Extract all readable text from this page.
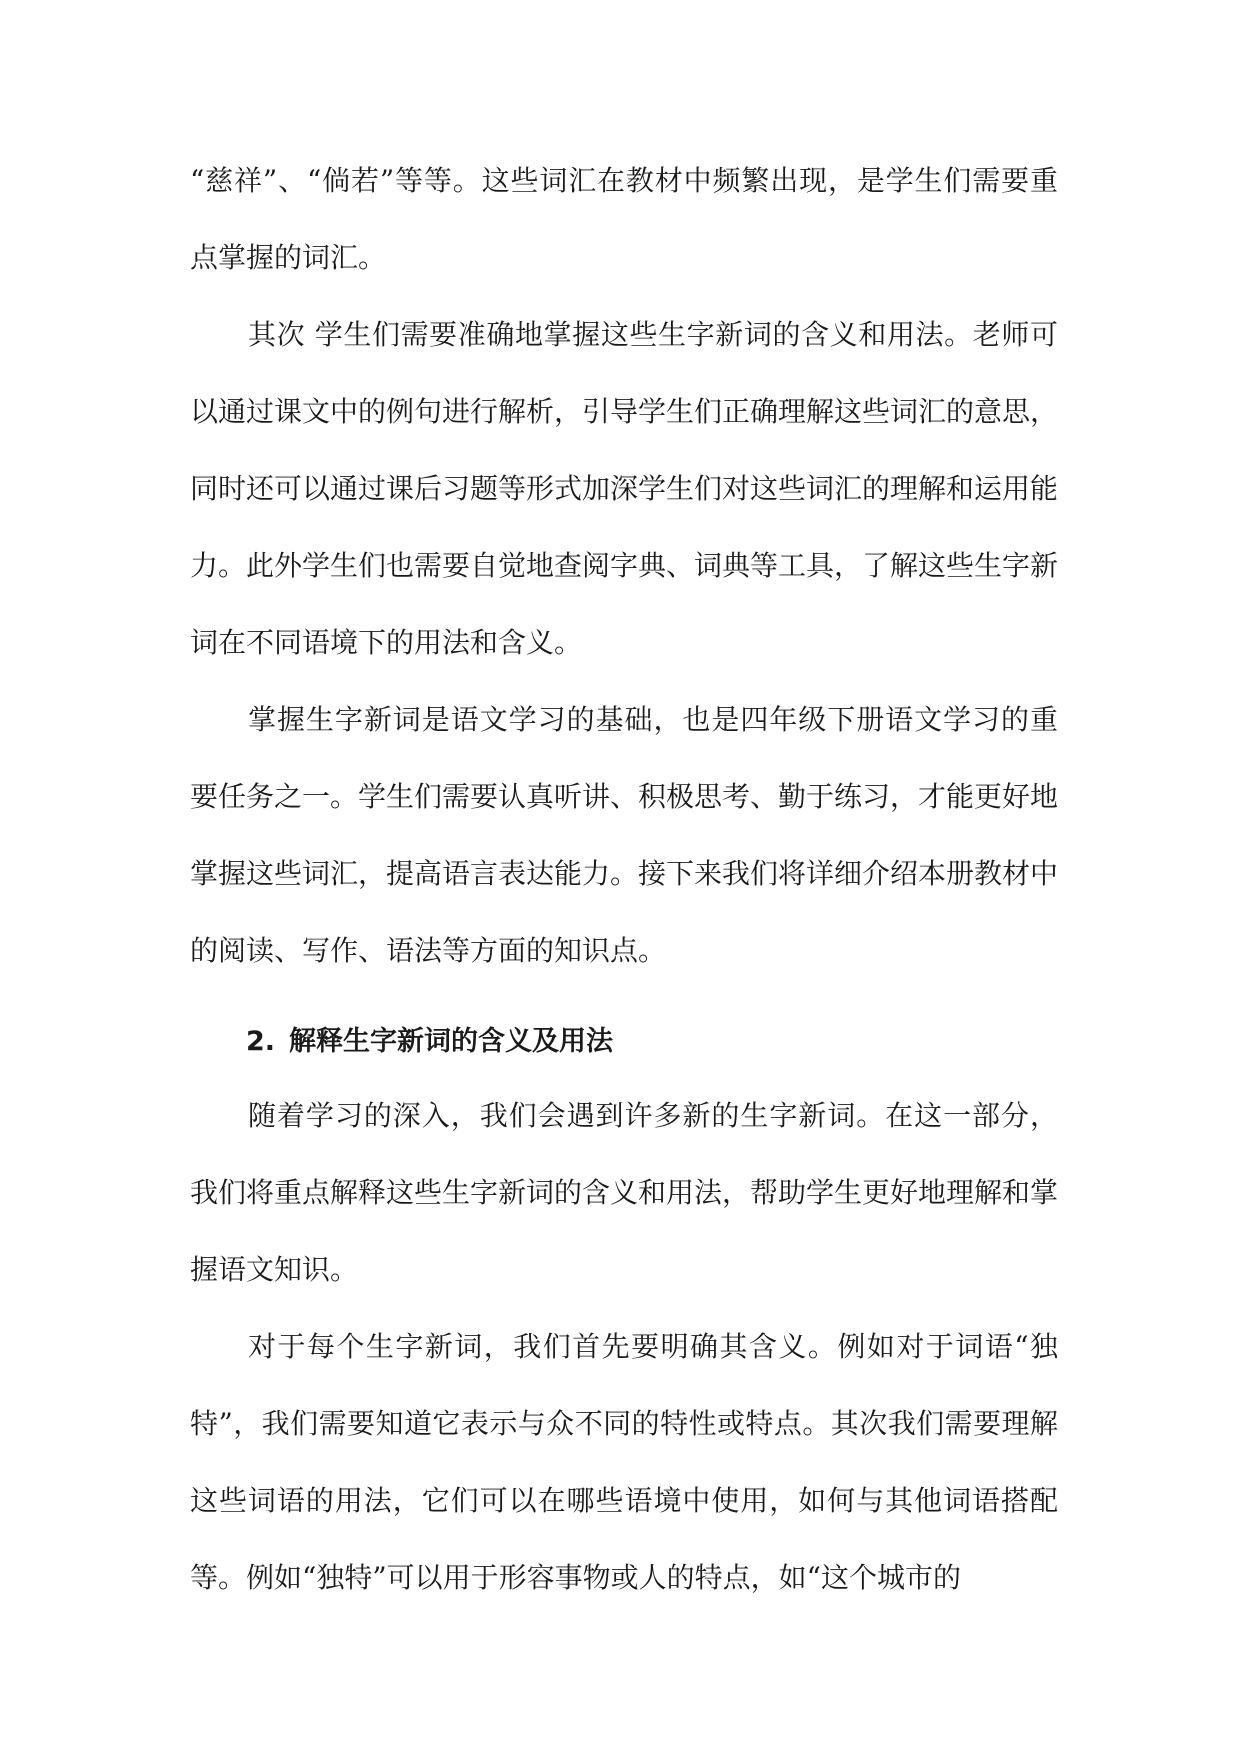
“慈祥”、“倘若”等等。这些词汇在教材中频繁出现，是学生们需要重点掌握的词汇。

其次 学生们需要准确地掌握这些生字新词的含义和用法。老师可以通过课文中的例句进行解析，引导学生们正确理解这些词汇的意思，同时还可以通过课后习题等形式加深学生们对这些词汇的理解和运用能力。此外学生们也需要自觉地查阅字典、词典等工具，了解这些生字新词在不同语境下的用法和含义。

掌握生字新词是语文学习的基础，也是四年级下册语文学习的重要任务之一。学生们需要认真听讲、积极思考、勤于练习，才能更好地掌握这些词汇，提高语言表达能力。接下来我们将详细介绍本册教材中的阅读、写作、语法等方面的知识点。

2. 解释生字新词的含义及用法

随着学习的深入，我们会遇到许多新的生字新词。在这一部分，我们将重点解释这些生字新词的含义和用法，帮助学生更好地理解和掌握语文知识。

对于每个生字新词，我们首先要明确其含义。例如对于词语“独特”，我们需要知道它表示与众不同的特性或特点。其次我们需要理解这些词语的用法，它们可以在哪些语境中使用，如何与其他词语搭配等。例如“独特”可以用于形容事物或人的特点，如“这个城市的
